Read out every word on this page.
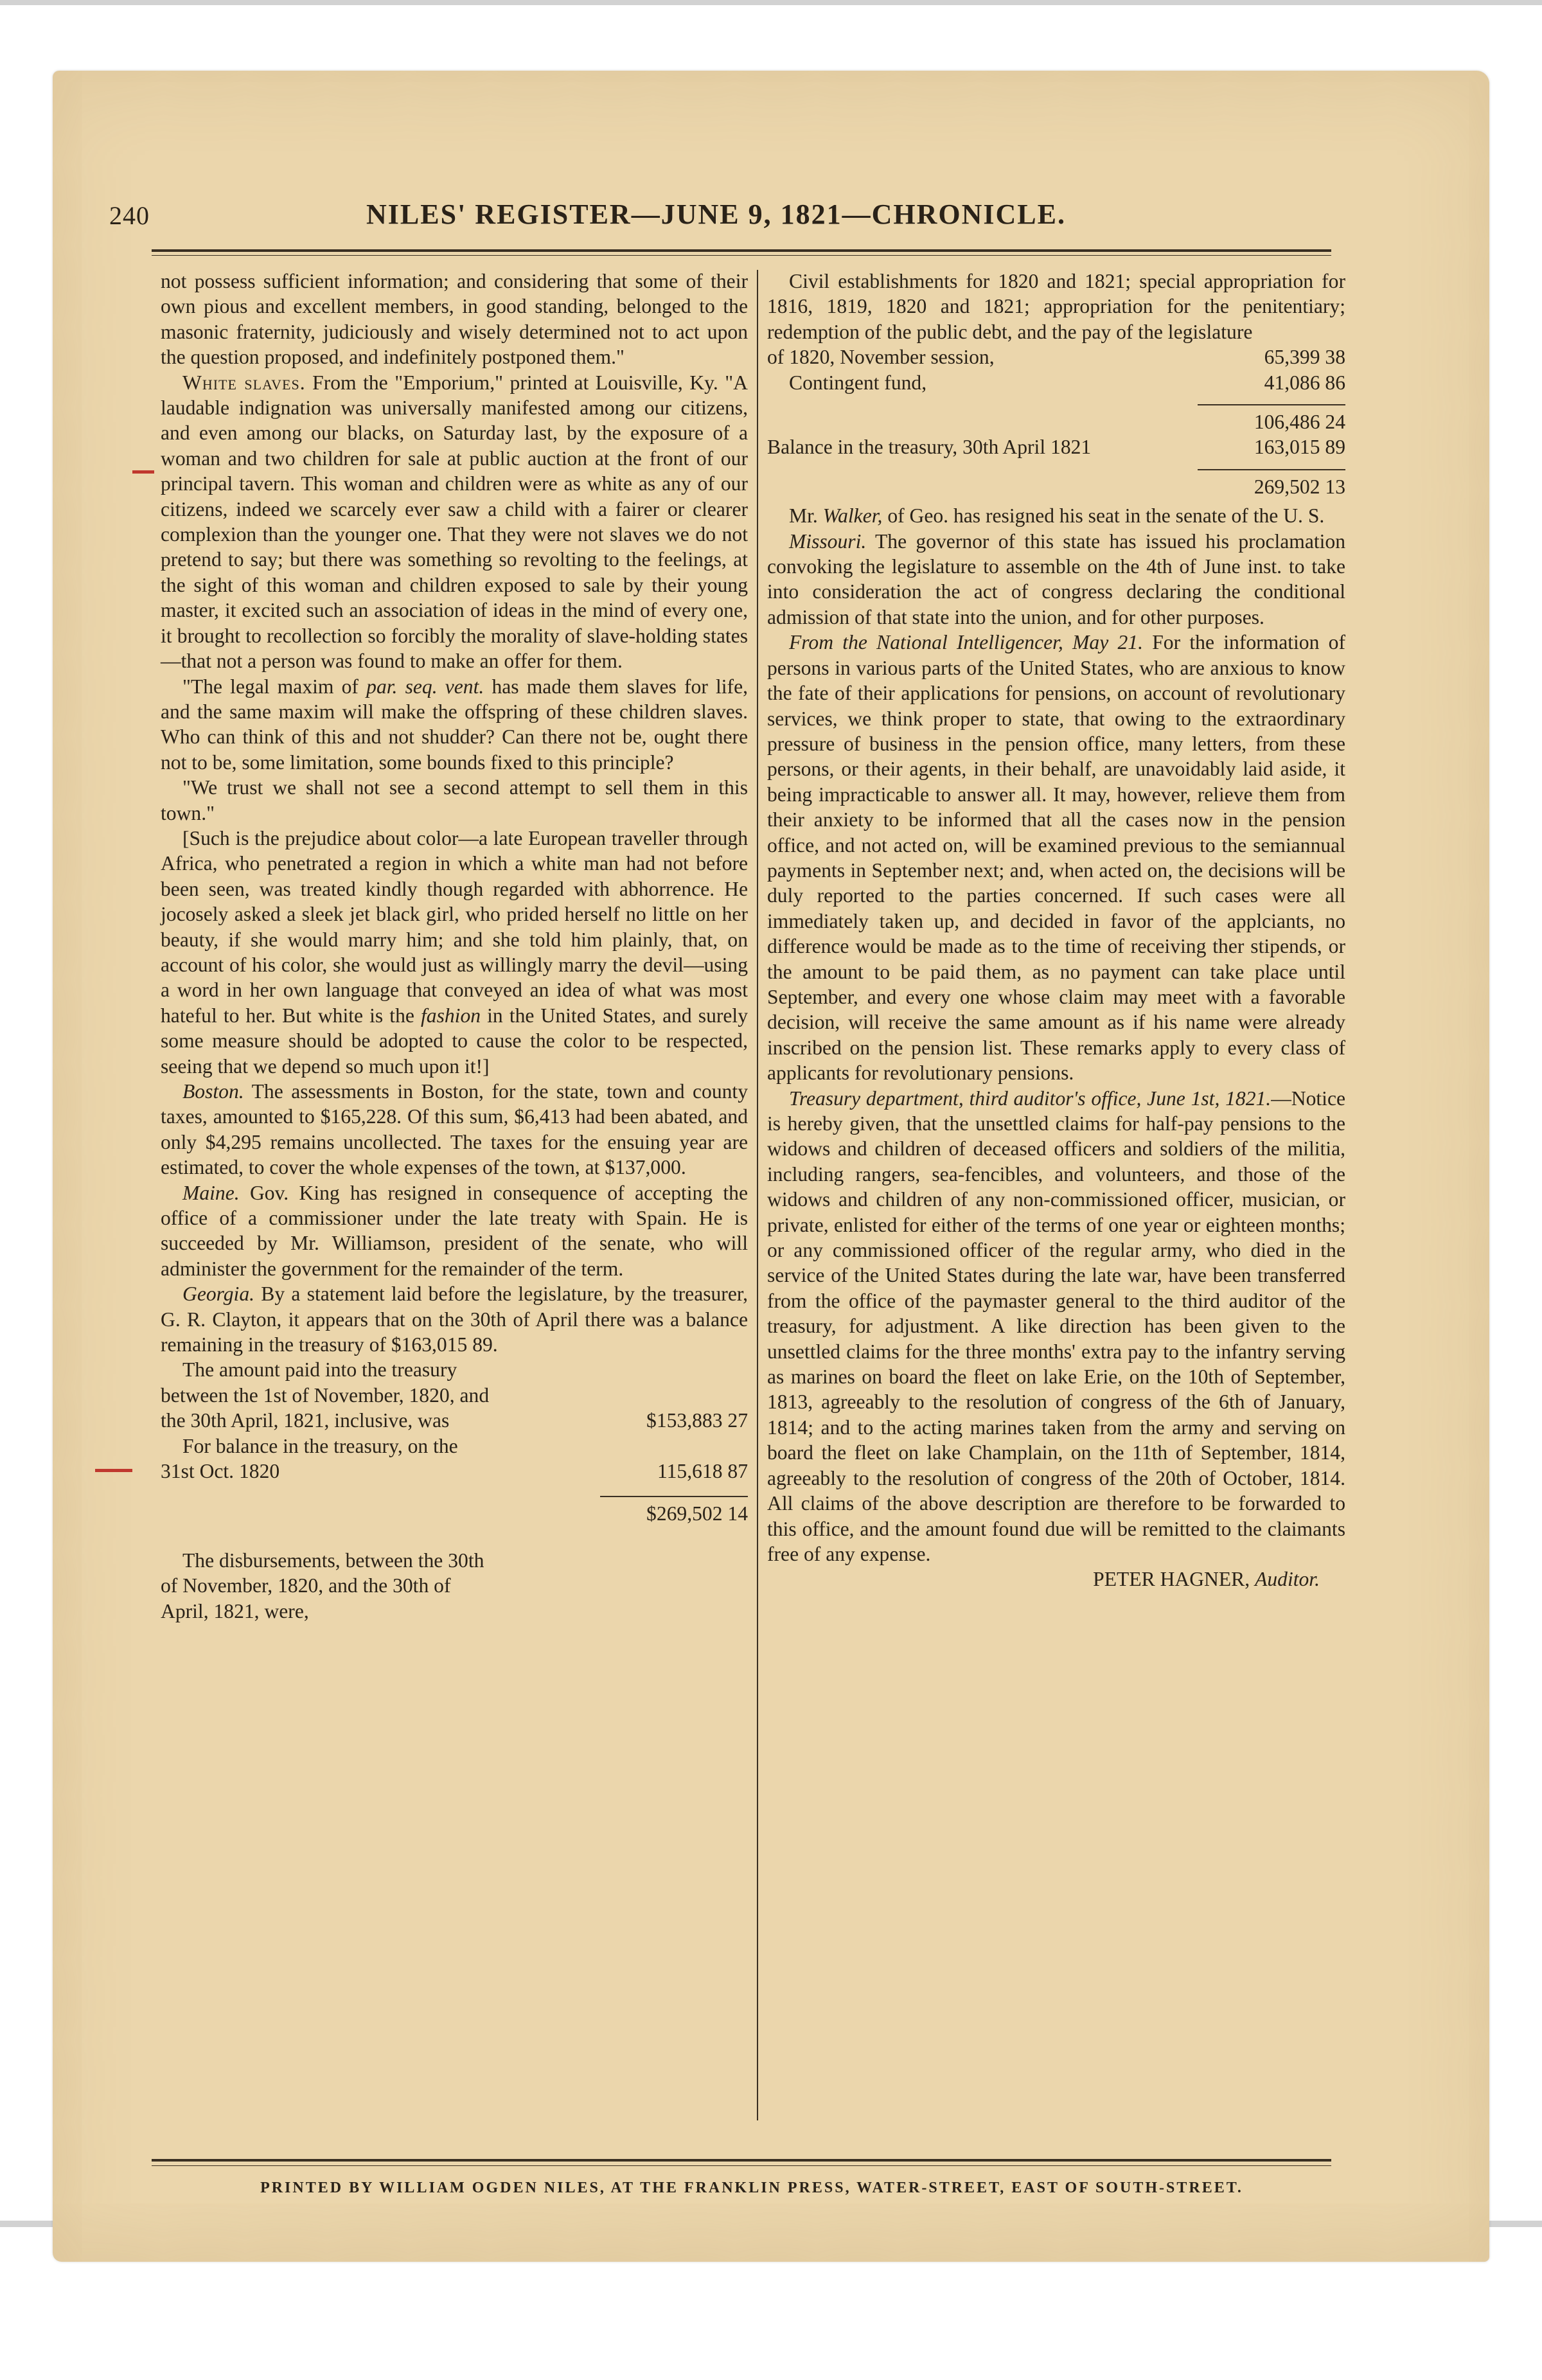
240	NILES' REGISTER—JUNE 9, 1821—CHRONICLE.

not possess sufficient information; and considering that some of their own pious and excellent members, in good standing, belonged to the masonic fraternity, judiciously and wisely determined not to act upon the question proposed, and indefinitely postponed them."

White slaves. From the "Emporium," printed at Louisville, Ky. "A laudable indignation was universally manifested among our citizens, and even among our blacks, on Saturday last, by the exposure of a woman and two children for sale at public auction at the front of our principal tavern. This woman and children were as white as any of our citizens, indeed we scarcely ever saw a child with a fairer or clearer complexion than the younger one. That they were not slaves we do not pretend to say; but there was something so revolting to the feelings, at the sight of this woman and children exposed to sale by their young master, it excited such an association of ideas in the mind of every one, it brought to recollection so forcibly the morality of slave-holding states—that not a person was found to make an offer for them.

"The legal maxim of par. seq. vent. has made them slaves for life, and the same maxim will make the offspring of these children slaves. Who can think of this and not shudder? Can there not be, ought there not to be, some limitation, some bounds fixed to this principle?

"We trust we shall not see a second attempt to sell them in this town."

[Such is the prejudice about color—a late European traveller through Africa, who penetrated a region in which a white man had not before been seen, was treated kindly though regarded with abhorrence. He jocosely asked a sleek jet black girl, who prided herself no little on her beauty, if she would marry him; and she told him plainly, that, on account of his color, she would just as willingly marry the devil—using a word in her own language that conveyed an idea of what was most hateful to her. But white is the fashion in the United States, and surely some measure should be adopted to cause the color to be respected, seeing that we depend so much upon it!]

Boston. The assessments in Boston, for the state, town and county taxes, amounted to $165,228. Of this sum, $6,413 had been abated, and only $4,295 remains uncollected. The taxes for the ensuing year are estimated, to cover the whole expenses of the town, at $137,000.

Maine. Gov. King has resigned in consequence of accepting the office of a commissioner under the late treaty with Spain. He is succeeded by Mr. Williamson, president of the senate, who will administer the government for the remainder of the term.

Georgia. By a statement laid before the legislature, by the treasurer, G. R. Clayton, it appears that on the 30th of April there was a balance remaining in the treasury of $163,015 89.

The amount paid into the treasury

between the 1st of November, 1820, and

the 30th April, 1821, inclusive, was	$153,883 27

For balance in the treasury, on the

31st Oct. 1820	115,618 87
$269,502 14

The disbursements, between the 30th

of November, 1820, and the 30th of

April, 1821, were,

Civil establishments for 1820 and 1821; special appropriation for 1816, 1819, 1820 and 1821; appropriation for the penitentiary; redemption of the public debt, and the pay of the legislature

of 1820, November session,	65,399 38
Contingent fund,	41,086 86
106,486 24
Balance in the treasury, 30th April 1821	163,015 89
269,502 13

Mr. Walker, of Geo. has resigned his seat in the senate of the U. S.

Missouri. The governor of this state has issued his proclamation convoking the legislature to assemble on the 4th of June inst. to take into consideration the act of congress declaring the conditional admission of that state into the union, and for other purposes.

From the National Intelligencer, May 21. For the information of persons in various parts of the United States, who are anxious to know the fate of their applications for pensions, on account of revolutionary services, we think proper to state, that owing to the extraordinary pressure of business in the pension office, many letters, from these persons, or their agents, in their behalf, are unavoidably laid aside, it being impracticable to answer all. It may, however, relieve them from their anxiety to be informed that all the cases now in the pension office, and not acted on, will be examined previous to the semiannual payments in September next; and, when acted on, the decisions will be duly reported to the parties concerned. If such cases were all immediately taken up, and decided in favor of the applciants, no difference would be made as to the time of receiving ther stipends, or the amount to be paid them, as no payment can take place until September, and every one whose claim may meet with a favorable decision, will receive the same amount as if his name were already inscribed on the pension list. These remarks apply to every class of applicants for revolutionary pensions.

Treasury department, third auditor's office, June 1st, 1821.—Notice is hereby given, that the unsettled claims for half-pay pensions to the widows and children of deceased officers and soldiers of the militia, including rangers, sea-fencibles, and volunteers, and those of the widows and children of any non-commissioned officer, musician, or private, enlisted for either of the terms of one year or eighteen months; or any commissioned officer of the regular army, who died in the service of the United States during the late war, have been transferred from the office of the paymaster general to the third auditor of the treasury, for adjustment. A like direction has been given to the unsettled claims for the three months' extra pay to the infantry serving as marines on board the fleet on lake Erie, on the 10th of September, 1813, agreeably to the resolution of congress of the 6th of January, 1814; and to the acting marines taken from the army and serving on board the fleet on lake Champlain, on the 11th of September, 1814, agreeably to the resolution of congress of the 20th of October, 1814. All claims of the above description are therefore to be forwarded to this office, and the amount found due will be remitted to the claimants free of any expense.

PETER HAGNER, Auditor.

PRINTED BY WILLIAM OGDEN NILES, AT THE FRANKLIN PRESS, WATER-STREET, EAST OF SOUTH-STREET.
